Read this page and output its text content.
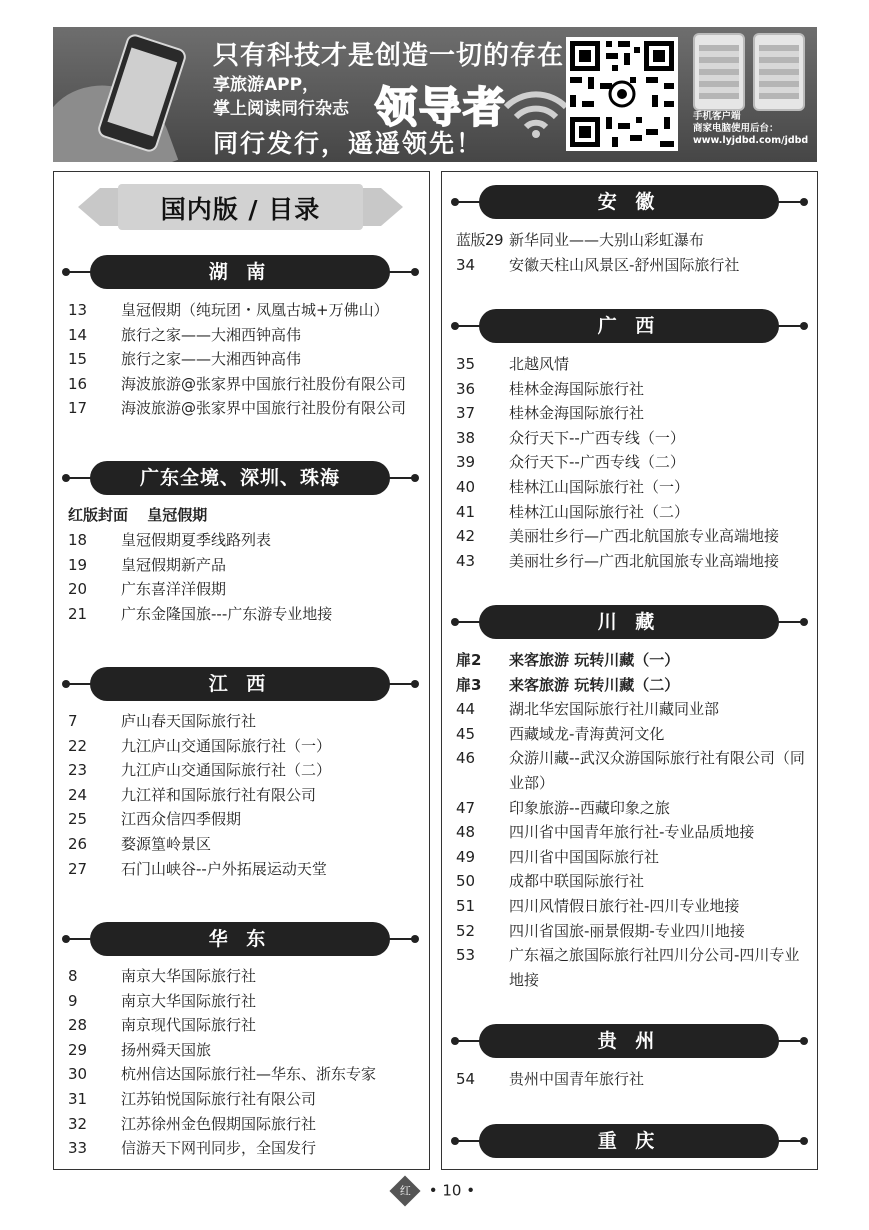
只有科技才是创造一切的存在
享旅游APP，
掌上阅读同行杂志 领导者
同行发行，遥遥领先！
手机客户端
商家电脑使用后台：
www.lyjdbd.com/jdbd
国内版 / 目录
湖 南
13	皇冠假期（纯玩团・凤凰古城+万佛山）
14	旅行之家——大湘西钟高伟
15	旅行之家——大湘西钟高伟
16	海波旅游@张家界中国旅行社股份有限公司
17	海波旅游@张家界中国旅行社股份有限公司
广东全境、深圳、珠海
红版封面 皇冠假期
18	皇冠假期夏季线路列表
19	皇冠假期新产品
20	广东喜洋洋假期
21	广东金隆国旅---广东游专业地接
江 西
7	庐山春天国际旅行社
22	九江庐山交通国际旅行社（一）
23	九江庐山交通国际旅行社（二）
24	九江祥和国际旅行社有限公司
25	江西众信四季假期
26	婺源篁岭景区
27	石门山峡谷--户外拓展运动天堂
华 东
8	南京大华国际旅行社
9	南京大华国际旅行社
28	南京现代国际旅行社
29	扬州舜天国旅
30	杭州信达国际旅行社—华东、浙东专家
31	江苏铂悦国际旅行社有限公司
32	江苏徐州金色假期国际旅行社
33	信游天下网刊同步，全国发行
安 徽
蓝版29 新华同业——大别山彩虹瀑布
34	安徽天柱山风景区-舒州国际旅行社
广 西
35	北越风情
36	桂林金海国际旅行社
37	桂林金海国际旅行社
38	众行天下--广西专线（一）
39	众行天下--广西专线（二）
40	桂林江山国际旅行社（一）
41	桂林江山国际旅行社（二）
42	美丽壮乡行—广西北航国旅专业高端地接
43	美丽壮乡行—广西北航国旅专业高端地接
川 藏
扉2	来客旅游 玩转川藏（一）
扉3	来客旅游 玩转川藏（二）
44	湖北华宏国际旅行社川藏同业部
45	西藏域龙-青海黄河文化
46	众游川藏--武汉众游国际旅行社有限公司（同业部）
47	印象旅游--西藏印象之旅
48	四川省中国青年旅行社-专业品质地接
49	四川省中国国际旅行社
50	成都中联国际旅行社
51	四川风情假日旅行社-四川专业地接
52	四川省国旅-丽景假期-专业四川地接
53	广东福之旅国际旅行社四川分公司-四川专业地接
贵 州
54	贵州中国青年旅行社
重 庆
红 • 10 •
